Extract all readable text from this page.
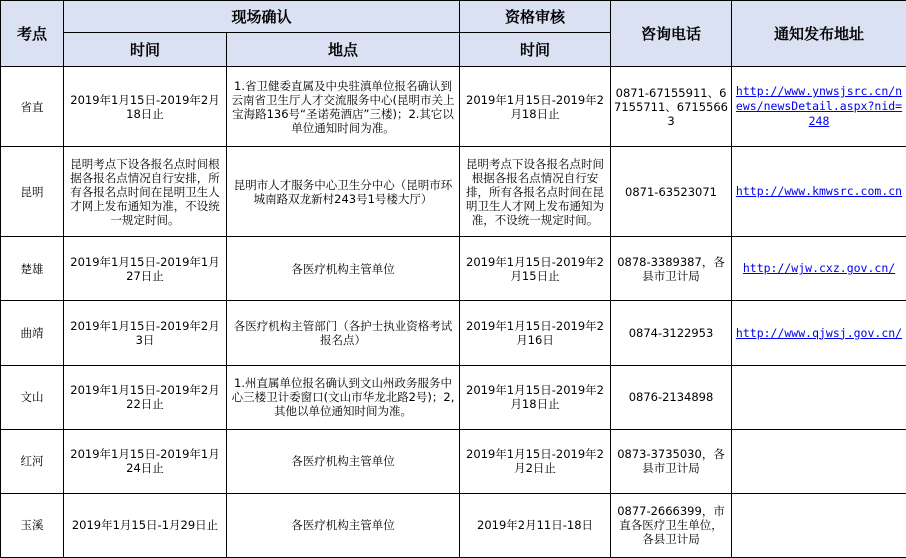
考点	现场确认		资格审核	咨询电话	通知发布地址
	时间	地点	时间		
省直	2019年1月15日-2019年2月18日止	1.省卫健委直属及中央驻滇单位报名确认到云南省卫生厅人才交流服务中心(昆明市关上宝海路136号“圣诺苑酒店”三楼)；2.其它以单位通知时间为准。	2019年1月15日-2019年2月18日止	0871-67155911、67155711、67155663	http://www.ynwsjsrc.cn/news/newsDetail.aspx?nid=248
昆明	昆明考点下设各报名点时间根据各报名点情况自行安排，所有各报名点时间在昆明卫生人才网上发布通知为准，不设统一规定时间。	昆明市人才服务中心卫生分中心（昆明市环城南路双龙新村243号1号楼大厅）	昆明考点下设各报名点时间根据各报名点情况自行安排，所有各报名点时间在昆明卫生人才网上发布通知为准，不设统一规定时间。	0871-63523071	http://www.kmwsrc.com.cn
楚雄	2019年1月15日-2019年1月27日止	各医疗机构主管单位	2019年1月15日-2019年2月15日止	0878-3389387，各县市卫计局	http://wjw.cxz.gov.cn/
曲靖	2019年1月15日-2019年2月3日	各医疗机构主管部门（各护士执业资格考试报名点）	2019年1月15日-2019年2月16日	0874-3122953	http://www.qjwsj.gov.cn/
文山	2019年1月15日-2019年2月22日止	1.州直属单位报名确认到文山州政务服务中心三楼卫计委窗口(文山市华龙北路2号)；2,其他以单位通知时间为准。	2019年1月15日-2019年2月18日止	0876-2134898	
红河	2019年1月15日-2019年1月24日止	各医疗机构主管单位	2019年1月15日-2019年2月2日止	0873-3735030，各县市卫计局	
玉溪	2019年1月15日-1月29日止	各医疗机构主管单位	2019年2月11日-18日	0877-2666399，市直各医疗卫生单位，各县卫计局	
